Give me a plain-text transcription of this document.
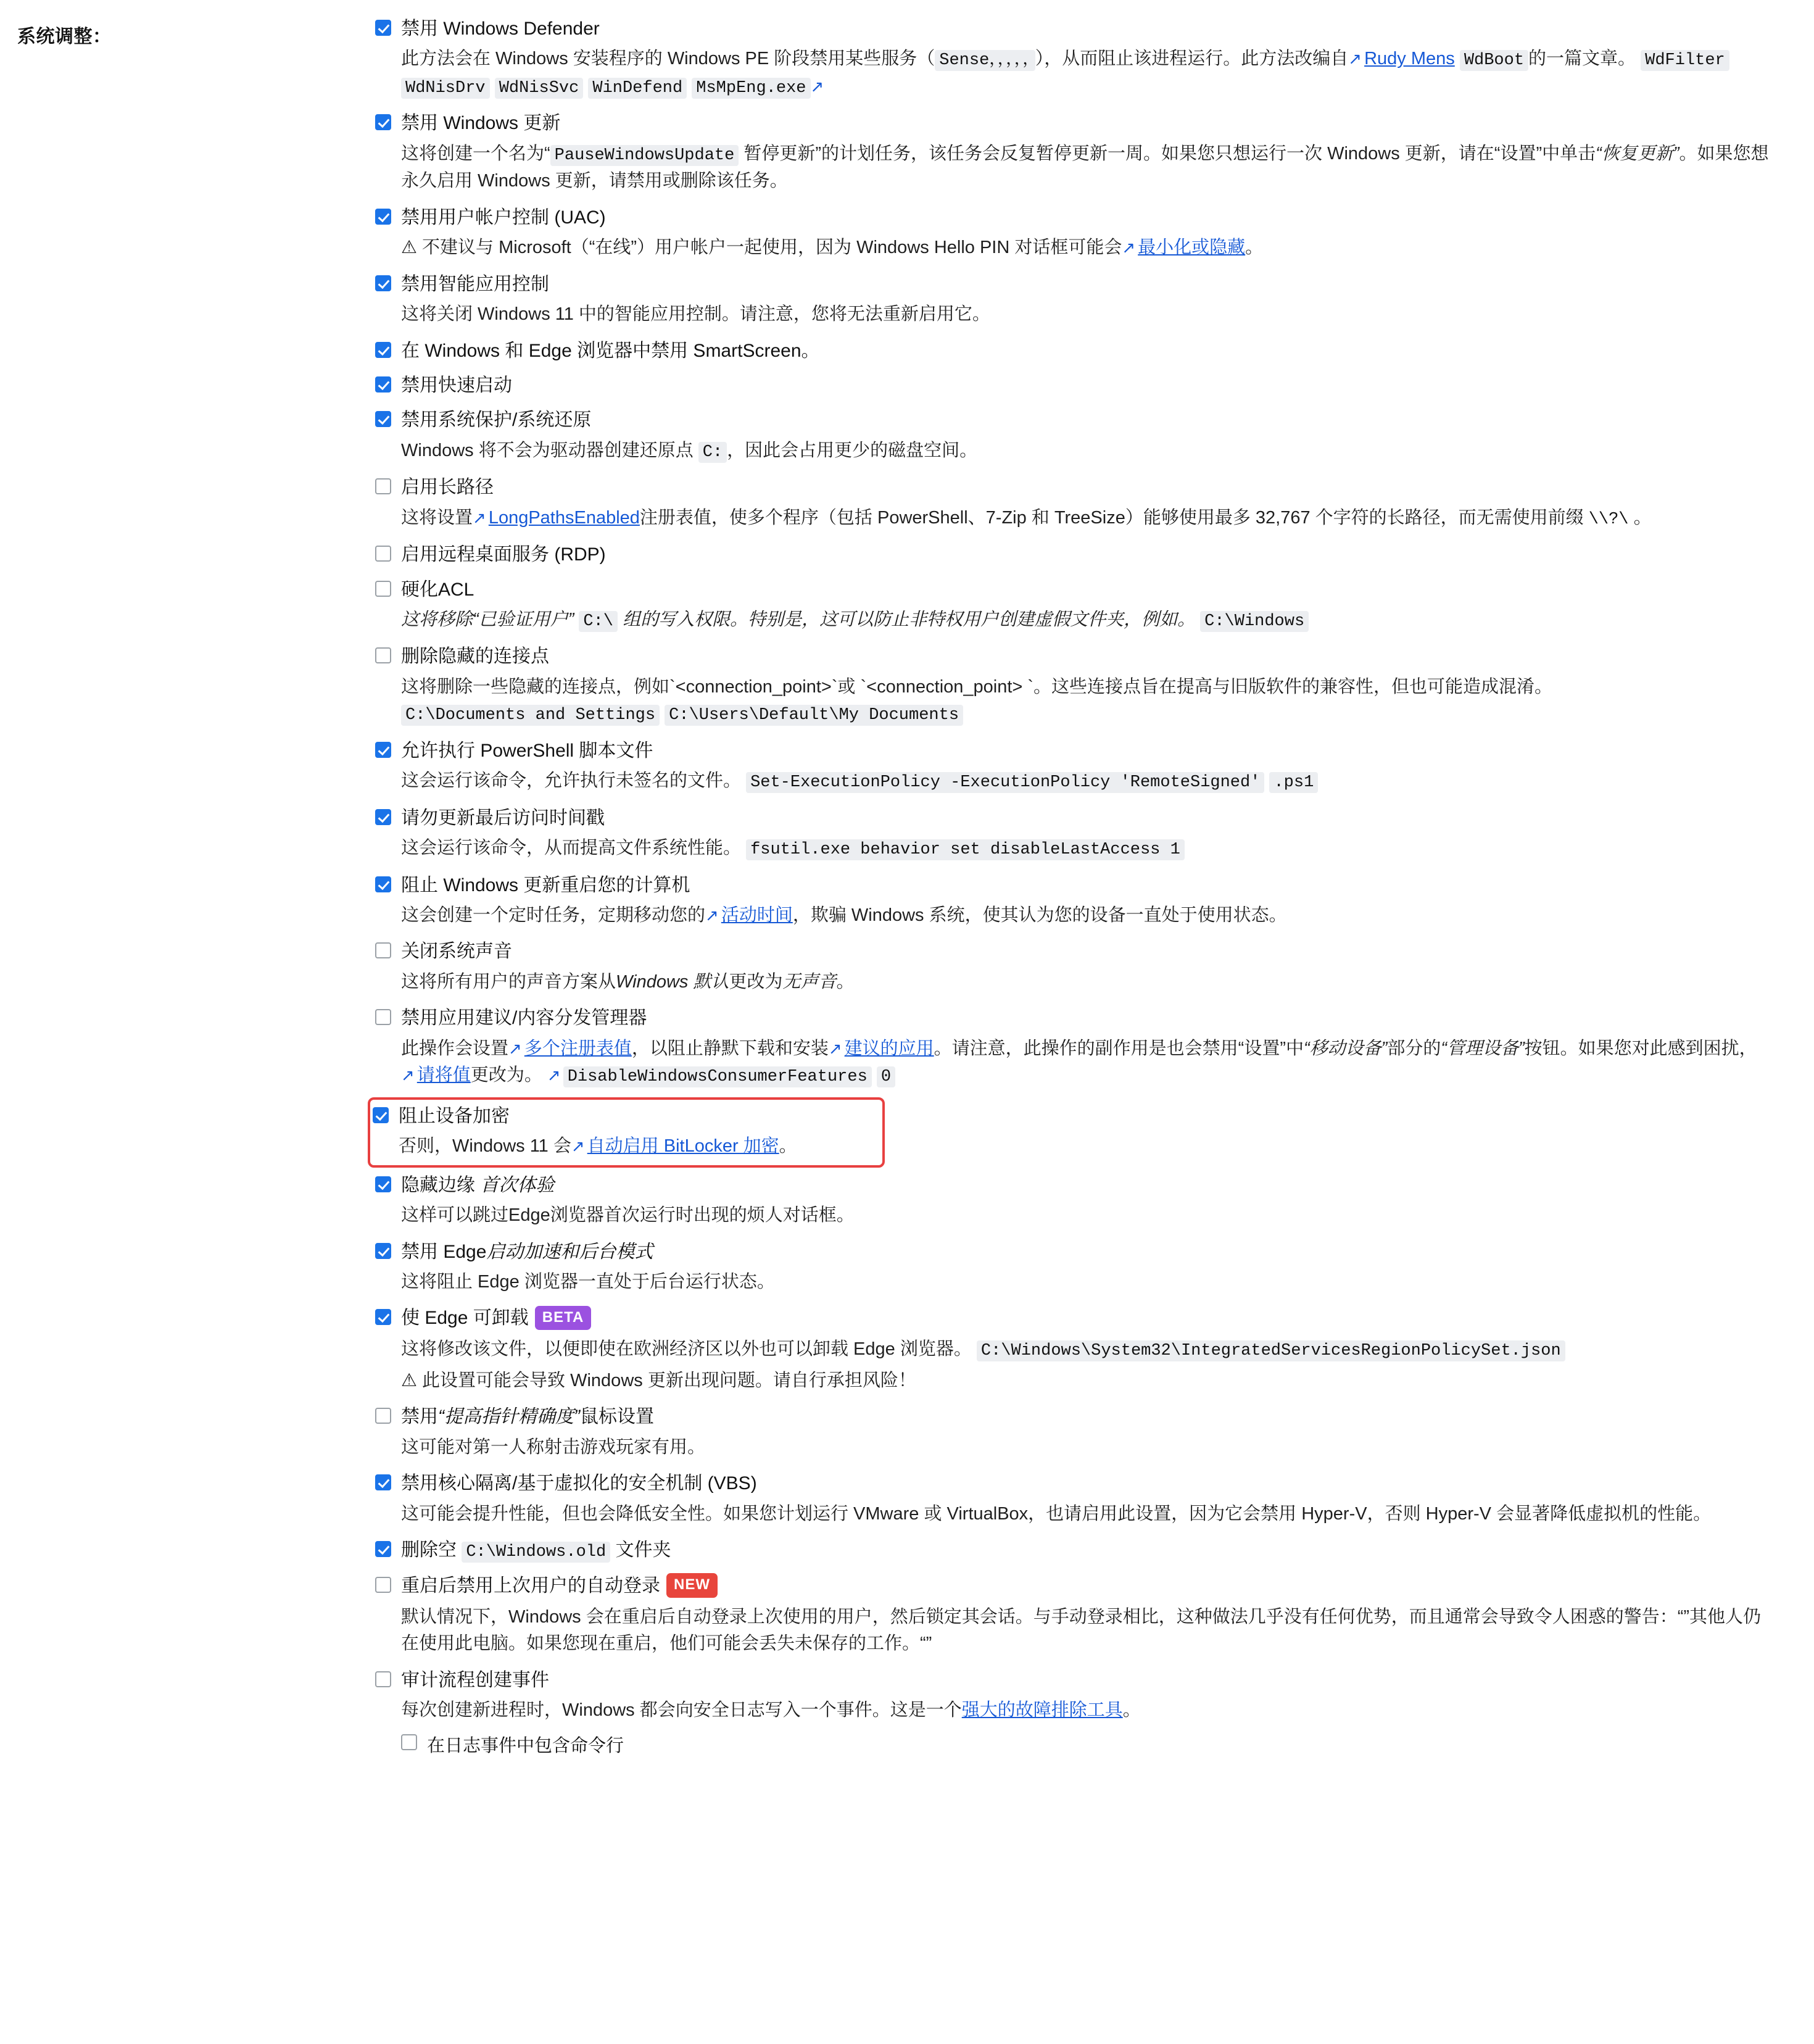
系统调整：	禁用 Windows Defender
此方法会在 Windows 安装程序的 Windows PE 阶段禁用某些服务（ Sense，，，，， ），从而阻止该进程运行。此方法改编自 ↗ Rudy Mens WdBoot 的一篇文章。 WdFilter WdNisDrv WdNisSvc WinDefend MsMpEng.exe↗
禁用 Windows 更新
这将创建一个名为“ PauseWindowsUpdate 暂停更新”的计划任务，该任务会反复暂停更新一周。如果您只想运行一次 Windows 更新，请在“设置”中单击“恢复更新”。如果您想永久启用 Windows 更新，请禁用或删除该任务。
禁用用户帐户控制 (UAC)
⚠ 不建议与 Microsoft（“在线”）用户帐户一起使用，因为 Windows Hello PIN 对话框可能会 ↗ 最小化或隐藏。
禁用智能应用控制
这将关闭 Windows 11 中的智能应用控制。请注意，您将无法重新启用它。
在 Windows 和 Edge 浏览器中禁用 SmartScreen。
禁用快速启动
禁用系统保护/系统还原
Windows 将不会为驱动器创建还原点 C: ，因此会占用更少的磁盘空间。
启用长路径
这将设置 ↗ LongPathsEnabled注册表值，使多个程序（包括 PowerShell、7-Zip 和 TreeSize）能够使用最多 32,767 个字符的长路径，而无需使用前缀 \\?\ 。
启用远程桌面服务 (RDP)
硬化ACL
这将移除“已验证用户” C:\ 组的写入权限。特别是，这可以防止非特权用户创建虚假文件夹，例如。 C:\Windows
删除隐藏的连接点
这将删除一些隐藏的连接点，例如`<connection_point>`或 `<connection_point> `。这些连接点旨在提高与旧版软件的兼容性，但也可能造成混淆。 C:\Documents and Settings C:\Users\Default\My Documents
允许执行 PowerShell 脚本文件
这会运行该命令，允许执行未签名的文件。 Set-ExecutionPolicy -ExecutionPolicy 'RemoteSigned' .ps1
请勿更新最后访问时间戳
这会运行该命令，从而提高文件系统性能。 fsutil.exe behavior set disableLastAccess 1
阻止 Windows 更新重启您的计算机
这会创建一个定时任务，定期移动您的 ↗ 活动时间，欺骗 Windows 系统，使其认为您的设备一直处于使用状态。
关闭系统声音
这将所有用户的声音方案从Windows 默认更改为无声音。
禁用应用建议/内容分发管理器
此操作会设置 ↗ 多个注册表值，以阻止静默下载和安装 ↗ 建议的应用。请注意，此操作的副作用是也会禁用“设置”中“移动设备”部分的“管理设备”按钮。如果您对此感到困扰，↗ 请将值更改为。 ↗ DisableWindowsConsumerFeatures 0
阻止设备加密
否则，Windows 11 会 ↗ 自动启用 BitLocker 加密。
隐藏边缘 首次体验
这样可以跳过Edge浏览器首次运行时出现的烦人对话框。
禁用 Edge启动加速和后台模式
这将阻止 Edge 浏览器一直处于后台运行状态。
使 Edge 可卸载 BETA
这将修改该文件，以便即使在欧洲经济区以外也可以卸载 Edge 浏览器。 C:\Windows\System32\IntegratedServicesRegionPolicySet.json
⚠ 此设置可能会导致 Windows 更新出现问题。请自行承担风险！
禁用“提高指针精确度”鼠标设置
这可能对第一人称射击游戏玩家有用。
禁用核心隔离/基于虚拟化的安全机制 (VBS)
这可能会提升性能，但也会降低安全性。如果您计划运行 VMware 或 VirtualBox，也请启用此设置，因为它会禁用 Hyper-V，否则 Hyper-V 会显著降低虚拟机的性能。
删除空 C:\Windows.old 文件夹
重启后禁用上次用户的自动登录 NEW
默认情况下，Windows 会在重启后自动登录上次使用的用户，然后锁定其会话。与手动登录相比，这种做法几乎没有任何优势，而且通常会导致令人困惑的警告：“”其他人仍在使用此电脑。如果您现在重启，他们可能会丢失未保存的工作。“”
审计流程创建事件
每次创建新进程时，Windows 都会向安全日志写入一个事件。这是一个强大的故障排除工具。
在日志事件中包含命令行
